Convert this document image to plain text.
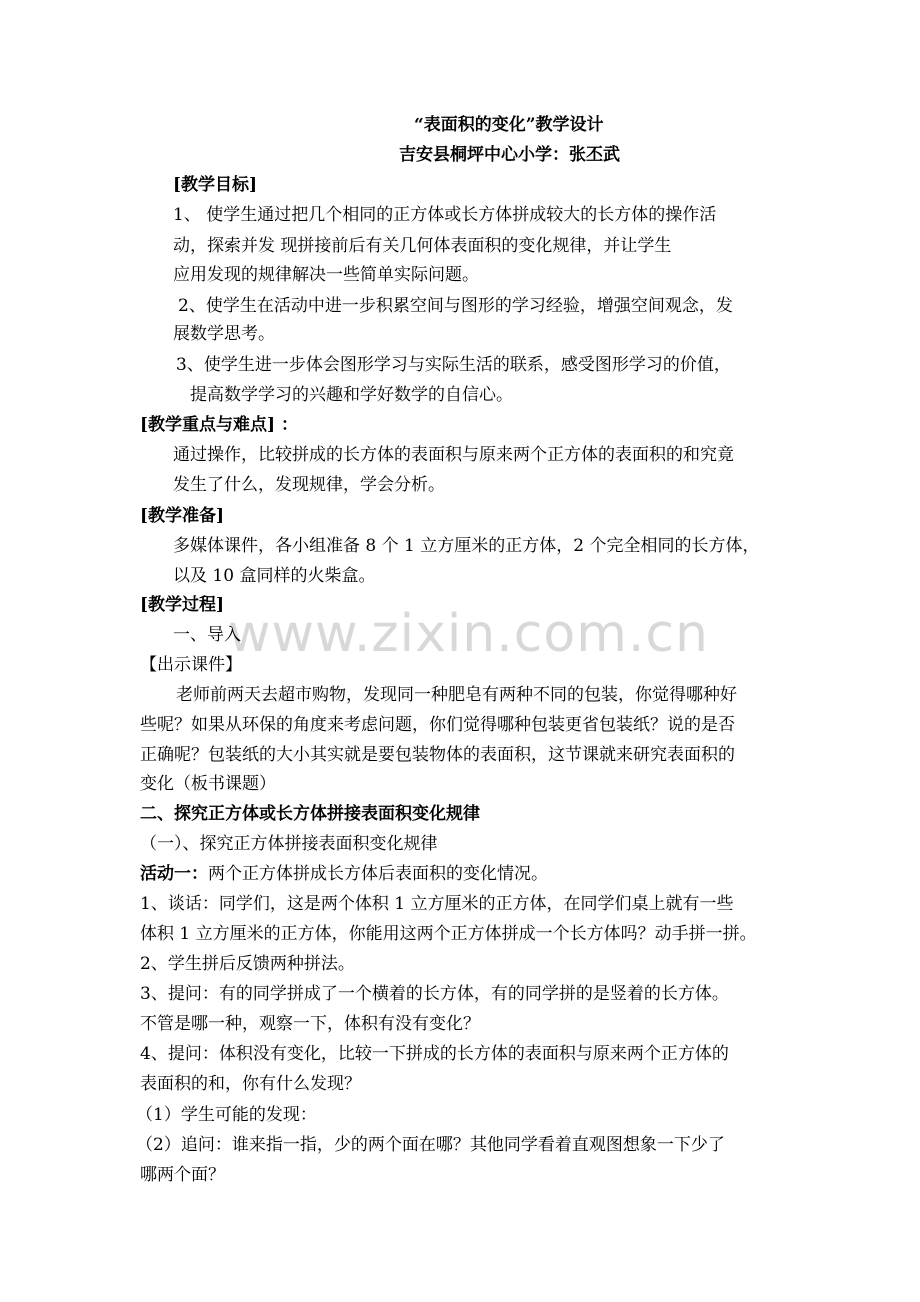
www.zixin.com.cn
“表面积的变化”教学设计
吉安县桐坪中心小学：张丕武
[教学目标]
1、 使学生通过把几个相同的正方体或长方体拼成较大的长方体的操作活
动，探索并发 现拼接前后有关几何体表面积的变化规律，并让学生
应用发现的规律解决一些简单实际问题。
2、使学生在活动中进一步积累空间与图形的学习经验，增强空间观念，发
展数学思考。
3、使学生进一步体会图形学习与实际生活的联系，感受图形学习的价值，
提高数学学习的兴趣和学好数学的自信心。
[教学重点与难点] ：
通过操作，比较拼成的长方体的表面积与原来两个正方体的表面积的和究竟
发生了什么，发现规律，学会分析。
[教学准备]
多媒体课件，各小组准备 8 个 1 立方厘米的正方体，2 个完全相同的长方体，
以及 10 盒同样的火柴盒。
[教学过程]
一、导入
【出示课件】
老师前两天去超市购物，发现同一种肥皂有两种不同的包装，你觉得哪种好
些呢？如果从环保的角度来考虑问题，你们觉得哪种包装更省包装纸？说的是否
正确呢？包装纸的大小其实就是要包装物体的表面积，这节课就来研究表面积的
变化（板书课题）
二、探究正方体或长方体拼接表面积变化规律
（一）、探究正方体拼接表面积变化规律
活动一：两个正方体拼成长方体后表面积的变化情况。
1、谈话：同学们，这是两个体积 1 立方厘米的正方体，在同学们桌上就有一些
体积 1 立方厘米的正方体，你能用这两个正方体拼成一个长方体吗？动手拼一拼。
2、学生拼后反馈两种拼法。
3、提问：有的同学拼成了一个横着的长方体，有的同学拼的是竖着的长方体。
不管是哪一种，观察一下，体积有没有变化？
4、提问：体积没有变化，比较一下拼成的长方体的表面积与原来两个正方体的
表面积的和，你有什么发现？
（1）学生可能的发现：
（2）追问：谁来指一指，少的两个面在哪？其他同学看着直观图想象一下少了
哪两个面？
